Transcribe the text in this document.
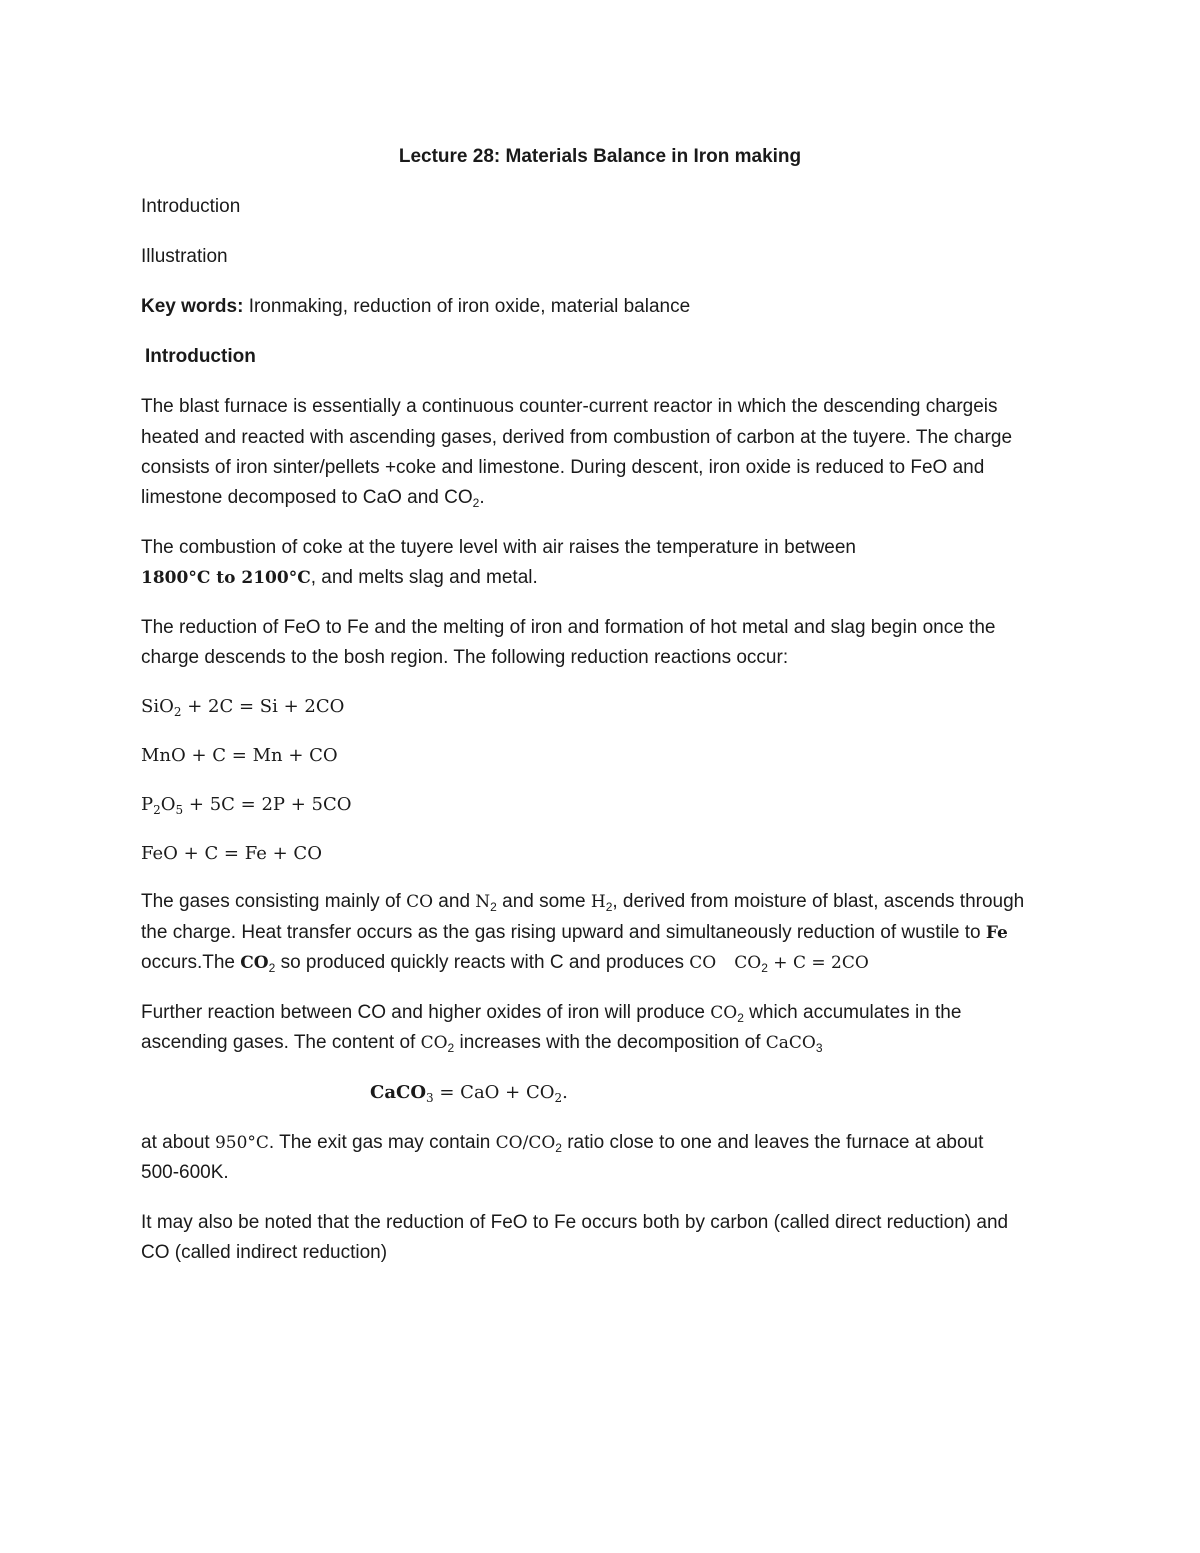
Lecture 28: Materials Balance in Iron making
Introduction
Illustration
Key words: Ironmaking, reduction of iron oxide, material balance
Introduction
The blast furnace is essentially a continuous counter-current reactor in which the descending chargeis
heated and reacted with ascending gases, derived from combustion of carbon at the tuyere. The charge
consists of iron sinter/pellets +coke and limestone. During descent, iron oxide is reduced to FeO and
limestone decomposed to CaO and $CO_2$.
The combustion of coke at the tuyere level with air raises the temperature in between
1800°C to 2100°C, and melts slag and metal.
The reduction of FeO to Fe and the melting of iron and formation of hot metal and slag begin once the
charge descends to the bosh region. The following reduction reactions occur:
SiO$_2$ + 2C = Si + 2CO
MnO + C = Mn + CO
$P_2O_5 + 5C = 2P + 5CO$
FeO + C = Fe + CO
The gases consisting mainly of CO and $N_2$ and some $H_2$, derived from moisture of blast, ascends through
the charge. Heat transfer occurs as the gas rising upward and simultaneously reduction of wustile to Fe
occurs.The $CO_2$ so produced quickly reacts with C and produces CO $CO_2 + C = 2CO$
Further reaction between CO and higher oxides of iron will produce $CO_2$ which accumulates in the
ascending gases. The content of $CO_2$ increases with the decomposition of CaCO$_3$
CaCO$_3$ = CaO + $CO_2$.
at about 950°C. The exit gas may contain $CO/CO_2$ ratio close to one and leaves the furnace at about
500-600K.
It may also be noted that the reduction of FeO to Fe occurs both by carbon (called direct reduction) and
CO (called indirect reduction)
